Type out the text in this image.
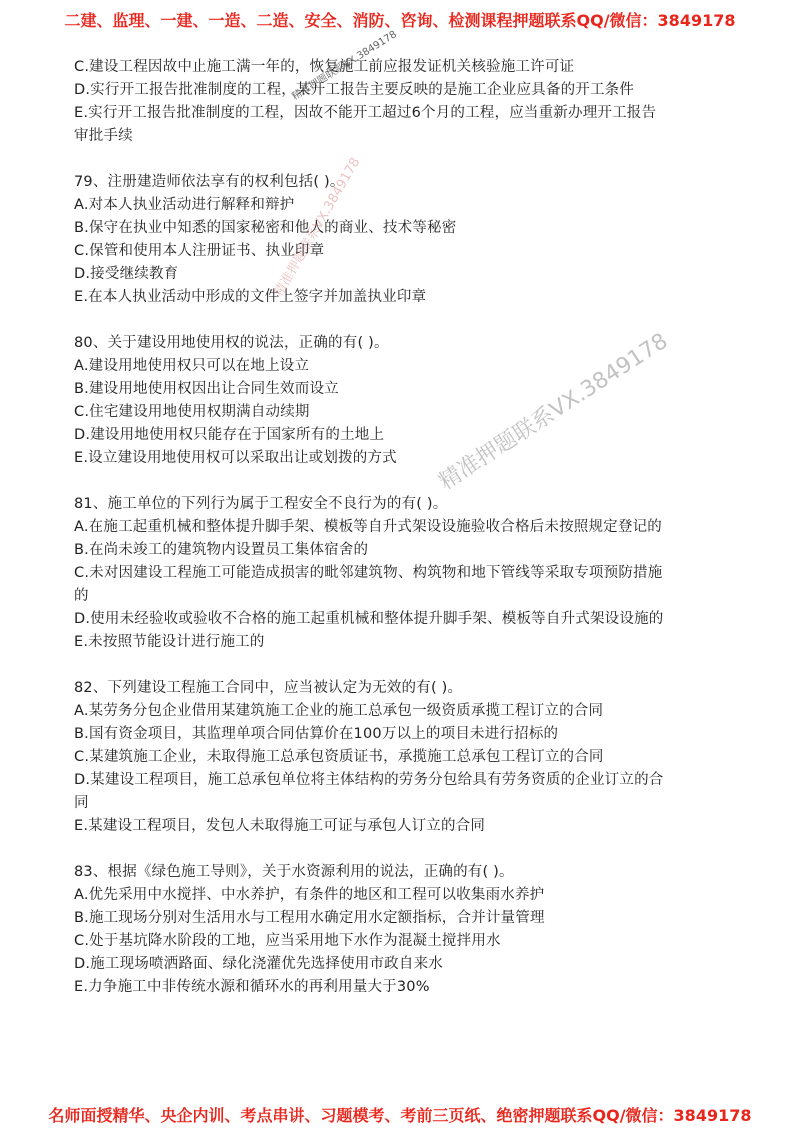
二建、监理、一建、一造、二造、安全、消防、咨询、检测课程押题联系QQ/微信：3849178
C.建设工程因故中止施工满一年的，恢复施工前应报发证机关核验施工许可证
D.实行开工报告批准制度的工程，某开工报告主要反映的是施工企业应具备的开工条件
E.实行开工报告批准制度的工程，因故不能开工超过6个月的工程，应当重新办理开工报告
审批手续
79、注册建造师依法享有的权利包括( )。
A.对本人执业活动进行解释和辩护
B.保守在执业中知悉的国家秘密和他人的商业、技术等秘密
C.保管和使用本人注册证书、执业印章
D.接受继续教育
E.在本人执业活动中形成的文件上签字并加盖执业印章
80、关于建设用地使用权的说法，正确的有( )。
A.建设用地使用权只可以在地上设立
B.建设用地使用权因出让合同生效而设立
C.住宅建设用地使用权期满自动续期
D.建设用地使用权只能存在于国家所有的土地上
E.设立建设用地使用权可以采取出让或划拨的方式
81、施工单位的下列行为属于工程安全不良行为的有( )。
A.在施工起重机械和整体提升脚手架、模板等自升式架设设施验收合格后未按照规定登记的
B.在尚未竣工的建筑物内设置员工集体宿舍的
C.未对因建设工程施工可能造成损害的毗邻建筑物、构筑物和地下管线等采取专项预防措施
的
D.使用未经验收或验收不合格的施工起重机械和整体提升脚手架、模板等自升式架设设施的
E.未按照节能设计进行施工的
82、下列建设工程施工合同中，应当被认定为无效的有( )。
A.某劳务分包企业借用某建筑施工企业的施工总承包一级资质承揽工程订立的合同
B.国有资金项目，其监理单项合同估算价在100万以上的项目未进行招标的
C.某建筑施工企业，未取得施工总承包资质证书，承揽施工总承包工程订立的合同
D.某建设工程项目，施工总承包单位将主体结构的劳务分包给具有劳务资质的企业订立的合
同
E.某建设工程项目，发包人未取得施工可证与承包人订立的合同
83、根据《绿色施工导则》，关于水资源利用的说法，正确的有( )。
A.优先采用中水搅拌、中水养护，有条件的地区和工程可以收集雨水养护
B.施工现场分别对生活用水与工程用水确定用水定额指标，合并计量管理
C.处于基坑降水阶段的工地，应当采用地下水作为混凝土搅拌用水
D.施工现场喷洒路面、绿化浇灌优先选择使用市政自来水
E.力争施工中非传统水源和循环水的再利用量大于30%
精准押题联系VX.3849178
精准押题联系VX.3849178
精准押题联系VX.3849178
名师面授精华、央企内训、考点串讲、习题模考、考前三页纸、绝密押题联系QQ/微信：3849178
